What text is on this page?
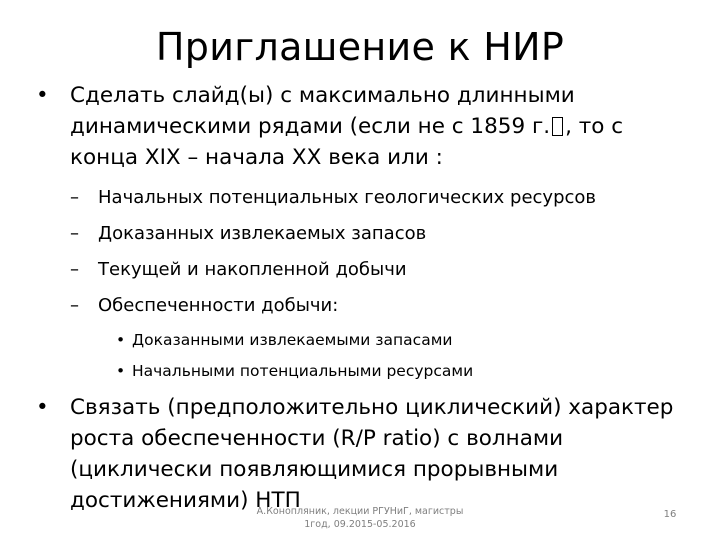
Приглашение к НИР
• Сделать слайд(ы) с максимально длинными динамическими рядами (если не с 1859 г. , то с конца XIX – начала XX века или :
– Начальных потенциальных геологических ресурсов
– Доказанных извлекаемых запасов
– Текущей и накопленной добычи
– Обеспеченности добычи:
• Доказанными извлекаемыми запасами
• Начальными потенциальными ресурсами
• Связать (предположительно циклический) характер роста обеспеченности (R/P ratio) с волнами (циклически появляющимися прорывными достижениями) НТП
А.Конопляник, лекции РГУНиГ, магистры
1год, 09.2015-05.2016
16
